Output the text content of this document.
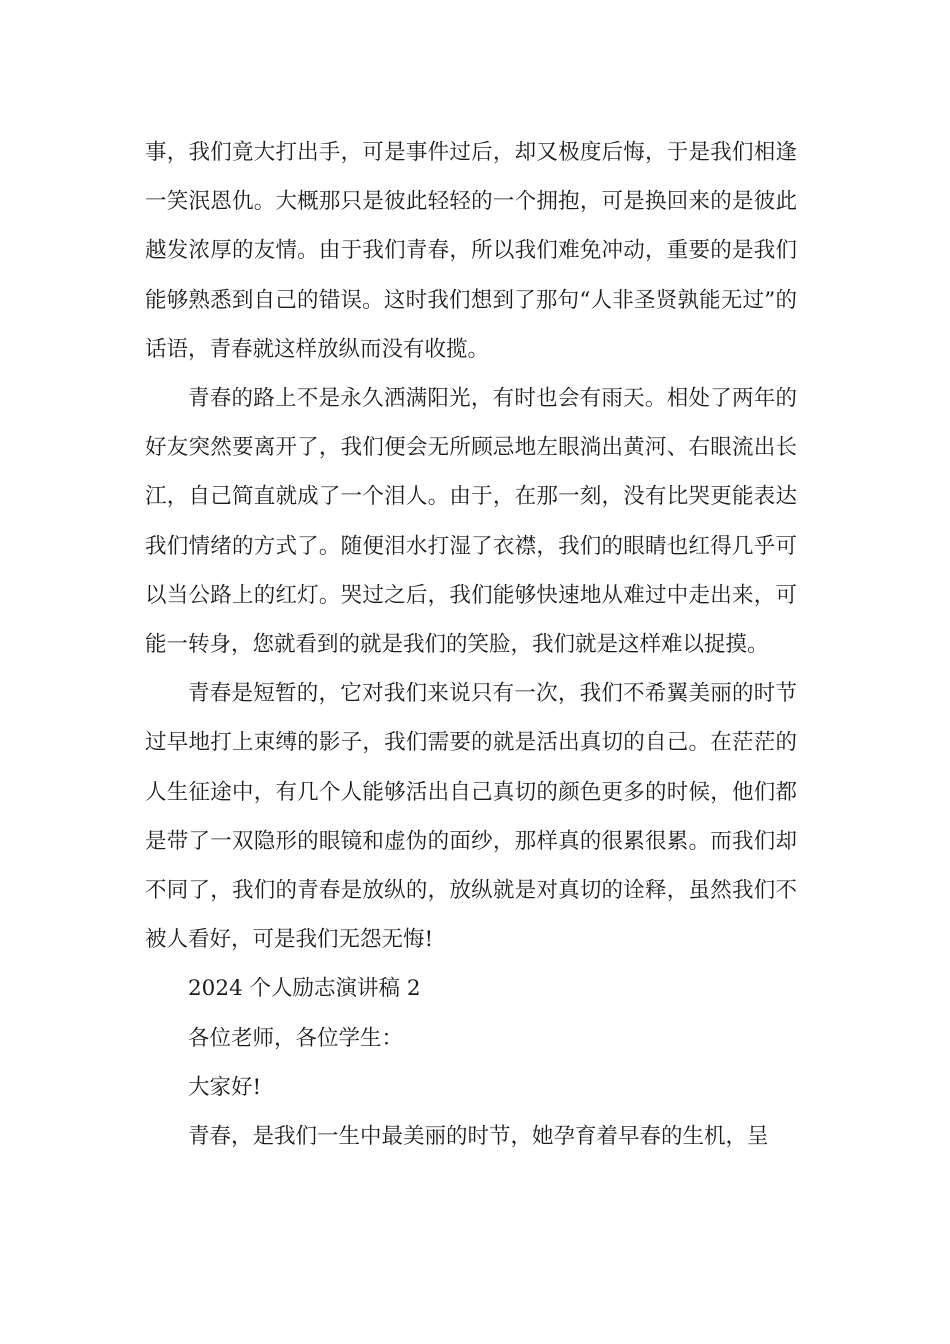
事，我们竟大打出手，可是事件过后，却又极度后悔，于是我们相逢一笑泯恩仇。大概那只是彼此轻轻的一个拥抱，可是换回来的是彼此越发浓厚的友情。由于我们青春，所以我们难免冲动，重要的是我们能够熟悉到自己的错误。这时我们想到了那句“人非圣贤孰能无过”的话语，青春就这样放纵而没有收揽。

青春的路上不是永久洒满阳光，有时也会有雨天。相处了两年的好友突然要离开了，我们便会无所顾忌地左眼淌出黄河、右眼流出长江，自己简直就成了一个泪人。由于，在那一刻，没有比哭更能表达我们情绪的方式了。随便泪水打湿了衣襟，我们的眼睛也红得几乎可以当公路上的红灯。哭过之后，我们能够快速地从难过中走出来，可能一转身，您就看到的就是我们的笑脸，我们就是这样难以捉摸。

青春是短暂的，它对我们来说只有一次，我们不希翼美丽的时节过早地打上束缚的影子，我们需要的就是活出真切的自己。在茫茫的人生征途中，有几个人能够活出自己真切的颜色更多的时候，他们都是带了一双隐形的眼镜和虚伪的面纱，那样真的很累很累。而我们却不同了，我们的青春是放纵的，放纵就是对真切的诠释，虽然我们不被人看好，可是我们无怨无悔!

2024 个人励志演讲稿 2

各位老师，各位学生：

大家好!

青春，是我们一生中最美丽的时节，她孕育着早春的生机，呈
